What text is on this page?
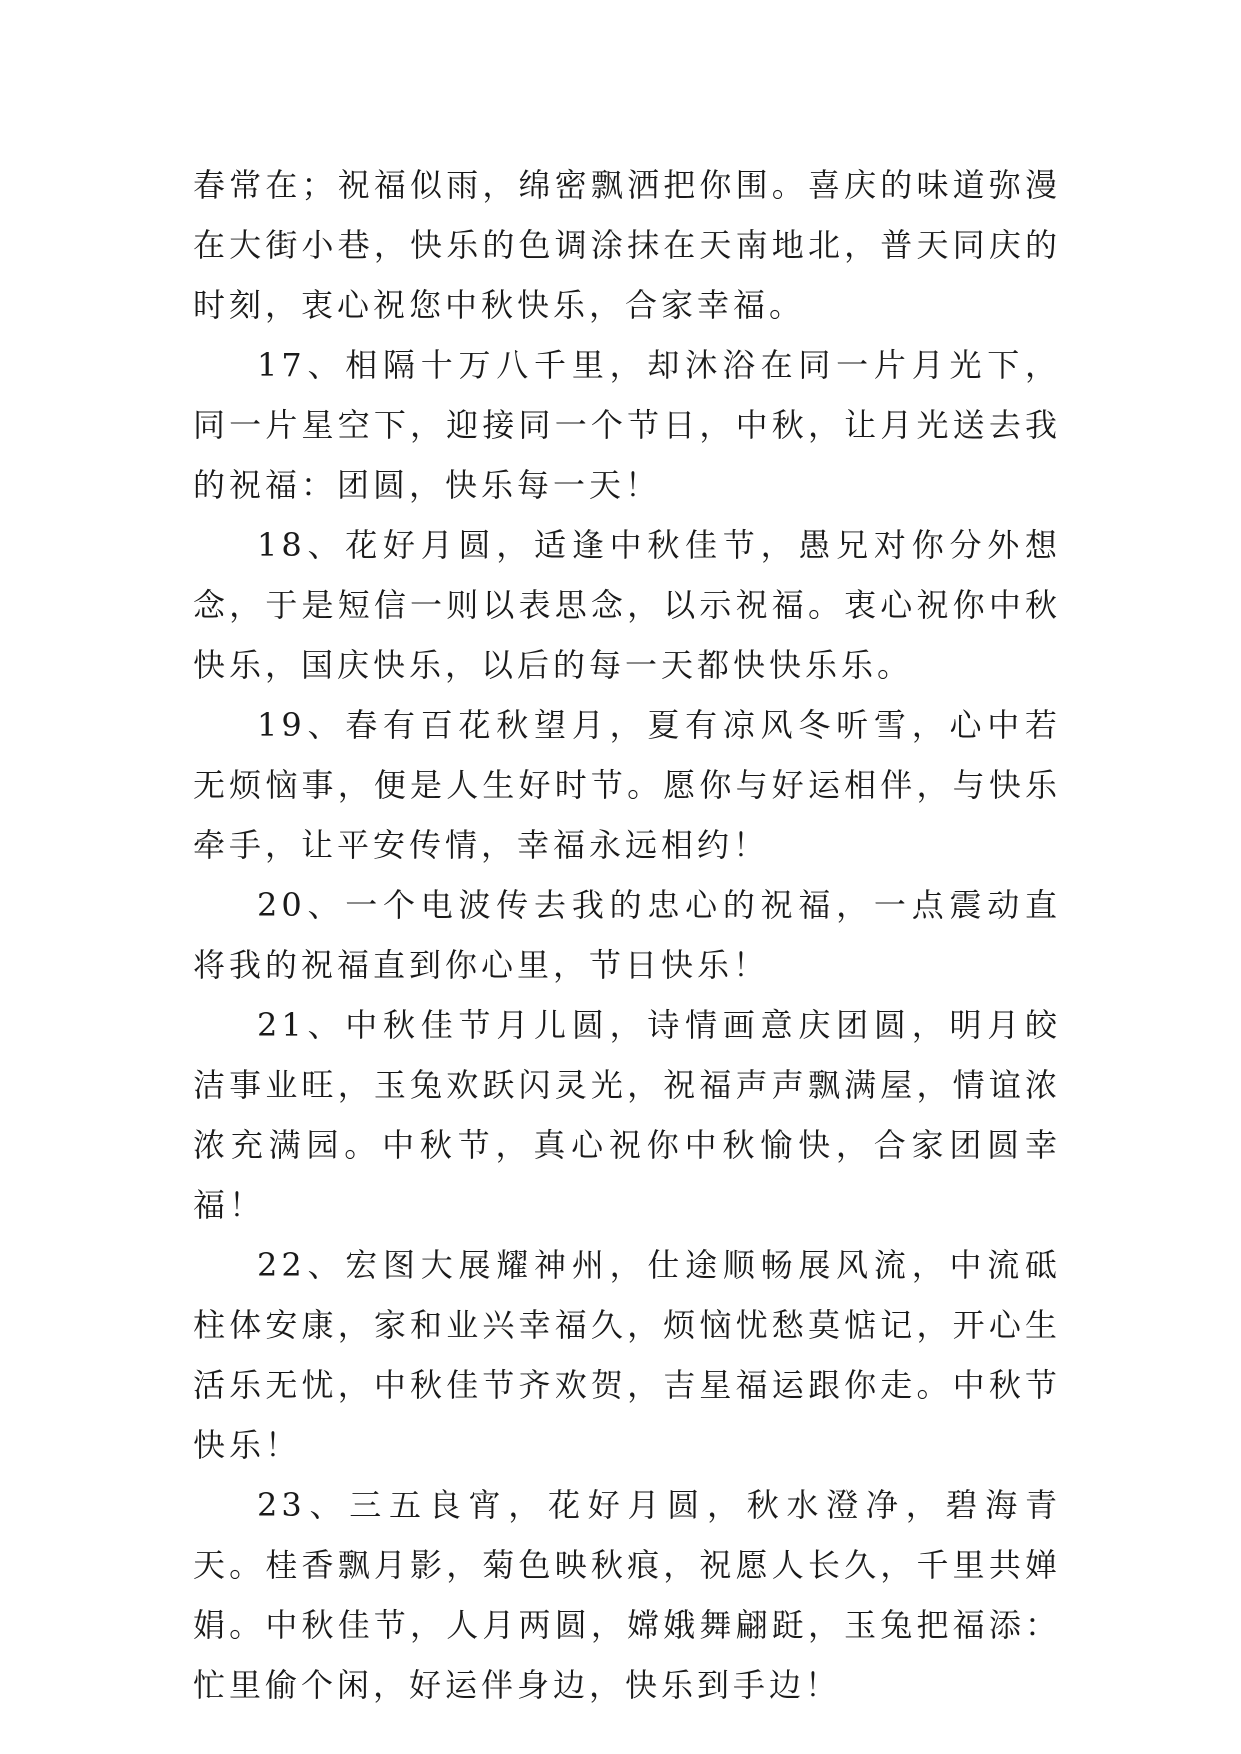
春常在；祝福似雨，绵密飘洒把你围。喜庆的味道弥漫在大街小巷，快乐的色调涂抹在天南地北，普天同庆的时刻，衷心祝您中秋快乐，合家幸福。

17、相隔十万八千里，却沐浴在同一片月光下，同一片星空下，迎接同一个节日，中秋，让月光送去我的祝福：团圆，快乐每一天！

18、花好月圆，适逢中秋佳节，愚兄对你分外想念，于是短信一则以表思念，以示祝福。衷心祝你中秋快乐，国庆快乐，以后的每一天都快快乐乐。

19、春有百花秋望月，夏有凉风冬听雪，心中若无烦恼事，便是人生好时节。愿你与好运相伴，与快乐牵手，让平安传情，幸福永远相约！

20、一个电波传去我的忠心的祝福，一点震动直将我的祝福直到你心里，节日快乐！

21、中秋佳节月儿圆，诗情画意庆团圆，明月皎洁事业旺，玉兔欢跃闪灵光，祝福声声飘满屋，情谊浓浓充满园。中秋节，真心祝你中秋愉快，合家团圆幸福！

22、宏图大展耀神州，仕途顺畅展风流，中流砥柱体安康，家和业兴幸福久，烦恼忧愁莫惦记，开心生活乐无忧，中秋佳节齐欢贺，吉星福运跟你走。中秋节快乐！

23、三五良宵，花好月圆，秋水澄净，碧海青天。桂香飘月影，菊色映秋痕，祝愿人长久，千里共婵娟。中秋佳节，人月两圆，嫦娥舞翩跹，玉兔把福添：忙里偷个闲，好运伴身边，快乐到手边！
